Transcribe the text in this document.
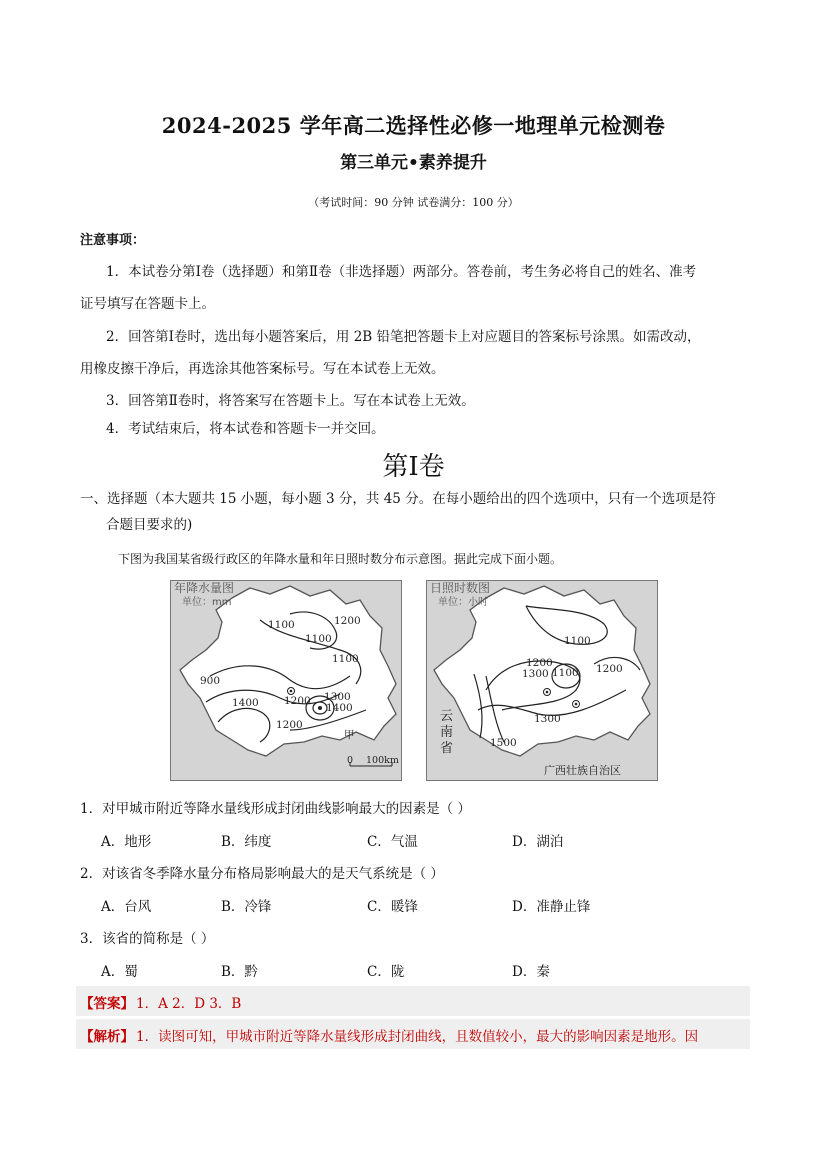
2024-2025 学年高二选择性必修一地理单元检测卷
第三单元•素养提升
（考试时间：90 分钟 试卷满分：100 分）
注意事项：
1．本试卷分第Ⅰ卷（选择题）和第Ⅱ卷（非选择题）两部分。答卷前，考生务必将自己的姓名、准考
证号填写在答题卡上。
2．回答第Ⅰ卷时，选出每小题答案后，用 2B 铅笔把答题卡上对应题目的答案标号涂黑。如需改动，
用橡皮擦干净后，再选涂其他答案标号。写在本试卷上无效。
3．回答第Ⅱ卷时，将答案写在答题卡上。写在本试卷上无效。
4．考试结束后，将本试卷和答题卡一并交回。
第Ⅰ卷
一、选择题（本大题共 15 小题，每小题 3 分，共 45 分。在每小题给出的四个选项中，只有一个选项是符
合题目要求的)
下图为我国某省级行政区的年降水量和年日照时数分布示意图。据此完成下面小题。
年降水量图
单位：mm
1100
1100
1200
1100
900
1400 1200 1300
1400
1200
甲
0 100km
日照时数图
单位：小时
1100
1200
1300 1100 1200
1300
1500
云
南
省
广西壮族自治区
1．对甲城市附近等降水量线形成封闭曲线影响最大的因素是（ ）
A．地形	B．纬度	C．气温	D．湖泊
2．对该省冬季降水量分布格局影响最大的是天气系统是（ ）
A．台风	B．冷锋	C．暖锋	D．准静止锋
3．该省的简称是（ ）
A．蜀	B．黔	C．陇	D．秦
【答案】 1．A 2．D 3．B
【解析】 1．读图可知，甲城市附近等降水量线形成封闭曲线，且数值较小，最大的影响因素是地形。因
